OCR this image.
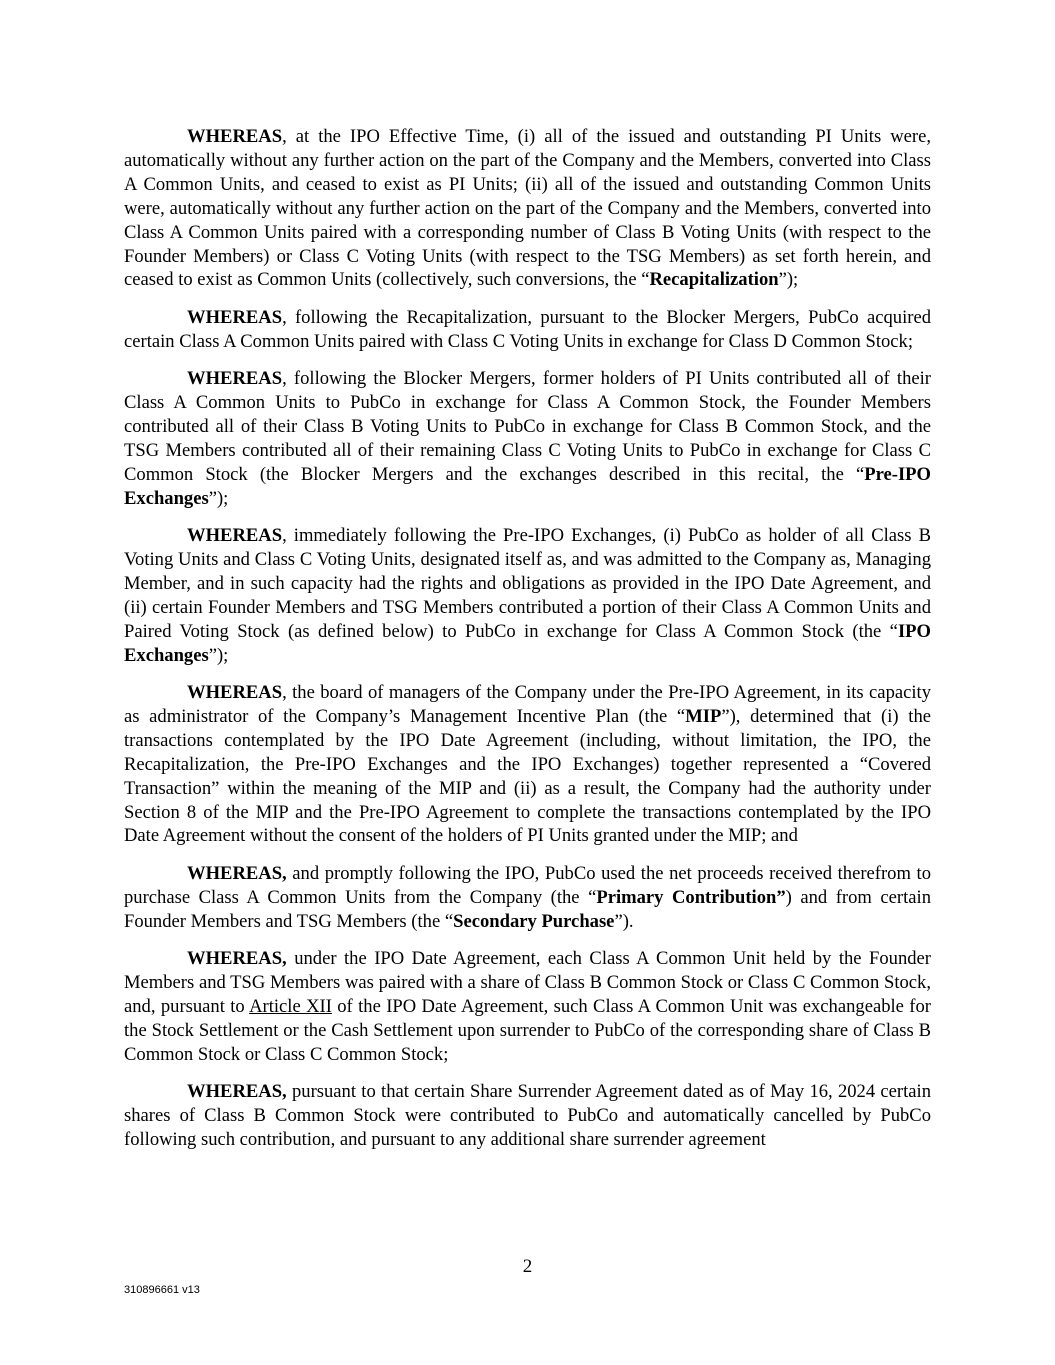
WHEREAS, at the IPO Effective Time, (i) all of the issued and outstanding PI Units were, automatically without any further action on the part of the Company and the Members, converted into Class A Common Units, and ceased to exist as PI Units; (ii) all of the issued and outstanding Common Units were, automatically without any further action on the part of the Company and the Members, converted into Class A Common Units paired with a corresponding number of Class B Voting Units (with respect to the Founder Members) or Class C Voting Units (with respect to the TSG Members) as set forth herein, and ceased to exist as Common Units (collectively, such conversions, the “Recapitalization”);

WHEREAS, following the Recapitalization, pursuant to the Blocker Mergers, PubCo acquired certain Class A Common Units paired with Class C Voting Units in exchange for Class D Common Stock;

WHEREAS, following the Blocker Mergers, former holders of PI Units contributed all of their Class A Common Units to PubCo in exchange for Class A Common Stock, the Founder Members contributed all of their Class B Voting Units to PubCo in exchange for Class B Common Stock, and the TSG Members contributed all of their remaining Class C Voting Units to PubCo in exchange for Class C Common Stock (the Blocker Mergers and the exchanges described in this recital, the “Pre-IPO Exchanges”);

WHEREAS, immediately following the Pre-IPO Exchanges, (i) PubCo as holder of all Class B Voting Units and Class C Voting Units, designated itself as, and was admitted to the Company as, Managing Member, and in such capacity had the rights and obligations as provided in the IPO Date Agreement, and (ii) certain Founder Members and TSG Members contributed a portion of their Class A Common Units and Paired Voting Stock (as defined below) to PubCo in exchange for Class A Common Stock (the “IPO Exchanges”);

WHEREAS, the board of managers of the Company under the Pre-IPO Agreement, in its capacity as administrator of the Company’s Management Incentive Plan (the “MIP”), determined that (i) the transactions contemplated by the IPO Date Agreement (including, without limitation, the IPO, the Recapitalization, the Pre-IPO Exchanges and the IPO Exchanges) together represented a “Covered Transaction” within the meaning of the MIP and (ii) as a result, the Company had the authority under Section 8 of the MIP and the Pre-IPO Agreement to complete the transactions contemplated by the IPO Date Agreement without the consent of the holders of PI Units granted under the MIP; and

WHEREAS, and promptly following the IPO, PubCo used the net proceeds received therefrom to purchase Class A Common Units from the Company (the “Primary Contribution”) and from certain Founder Members and TSG Members (the “Secondary Purchase”).

WHEREAS, under the IPO Date Agreement, each Class A Common Unit held by the Founder Members and TSG Members was paired with a share of Class B Common Stock or Class C Common Stock, and, pursuant to Article XII of the IPO Date Agreement, such Class A Common Unit was exchangeable for the Stock Settlement or the Cash Settlement upon surrender to PubCo of the corresponding share of Class B Common Stock or Class C Common Stock;

WHEREAS, pursuant to that certain Share Surrender Agreement dated as of May 16, 2024 certain shares of Class B Common Stock were contributed to PubCo and automatically cancelled by PubCo following such contribution, and pursuant to any additional share surrender agreement

2
310896661 v13
